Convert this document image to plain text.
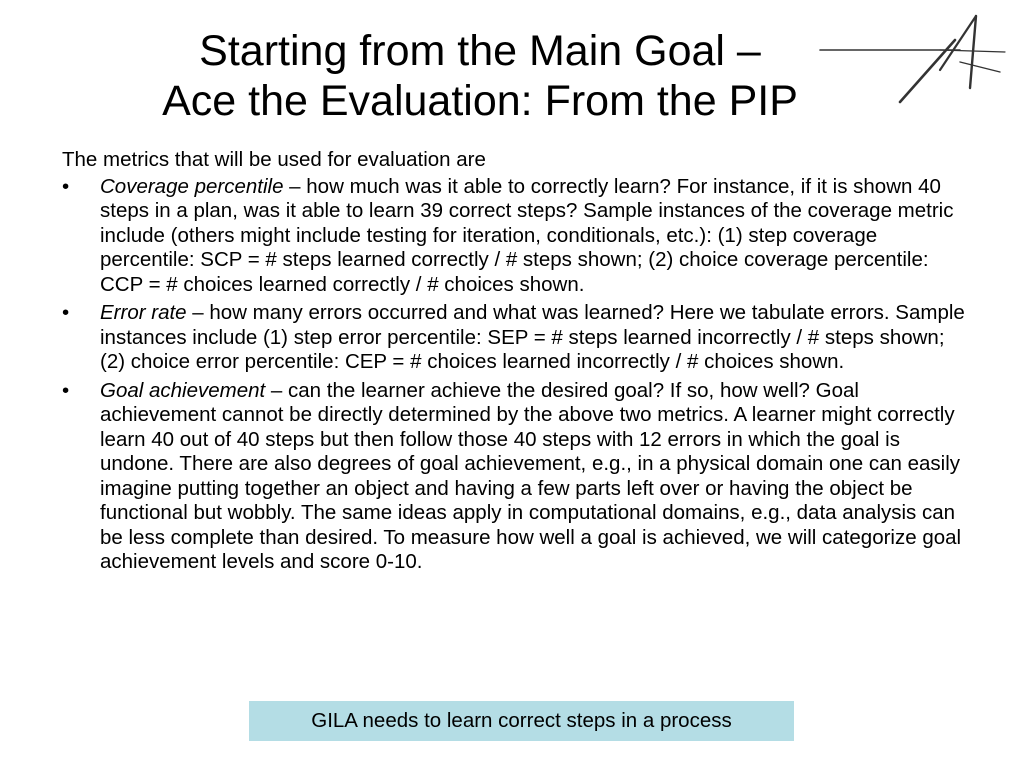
Starting from the Main Goal –
Ace the Evaluation: From the PIP

The metrics that will be used for evaluation are

• Coverage percentile – how much was it able to correctly learn? For instance, if it is shown 40 steps in a plan, was it able to learn 39 correct steps? Sample instances of the coverage metric include (others might include testing for iteration, conditionals, etc.): (1) step coverage percentile: SCP = # steps learned correctly / # steps shown; (2) choice coverage percentile: CCP = # choices learned correctly / # choices shown.
• Error rate – how many errors occurred and what was learned? Here we tabulate errors. Sample instances include (1) step error percentile: SEP = # steps learned incorrectly / # steps shown; (2) choice error percentile: CEP = # choices learned incorrectly / # choices shown.
• Goal achievement – can the learner achieve the desired goal? If so, how well? Goal achievement cannot be directly determined by the above two metrics. A learner might correctly learn 40 out of 40 steps but then follow those 40 steps with 12 errors in which the goal is undone. There are also degrees of goal achievement, e.g., in a physical domain one can easily imagine putting together an object and having a few parts left over or having the object be functional but wobbly. The same ideas apply in computational domains, e.g., data analysis can be less complete than desired. To measure how well a goal is achieved, we will categorize goal achievement levels and score 0-10.
GILA needs to learn correct steps in a process
